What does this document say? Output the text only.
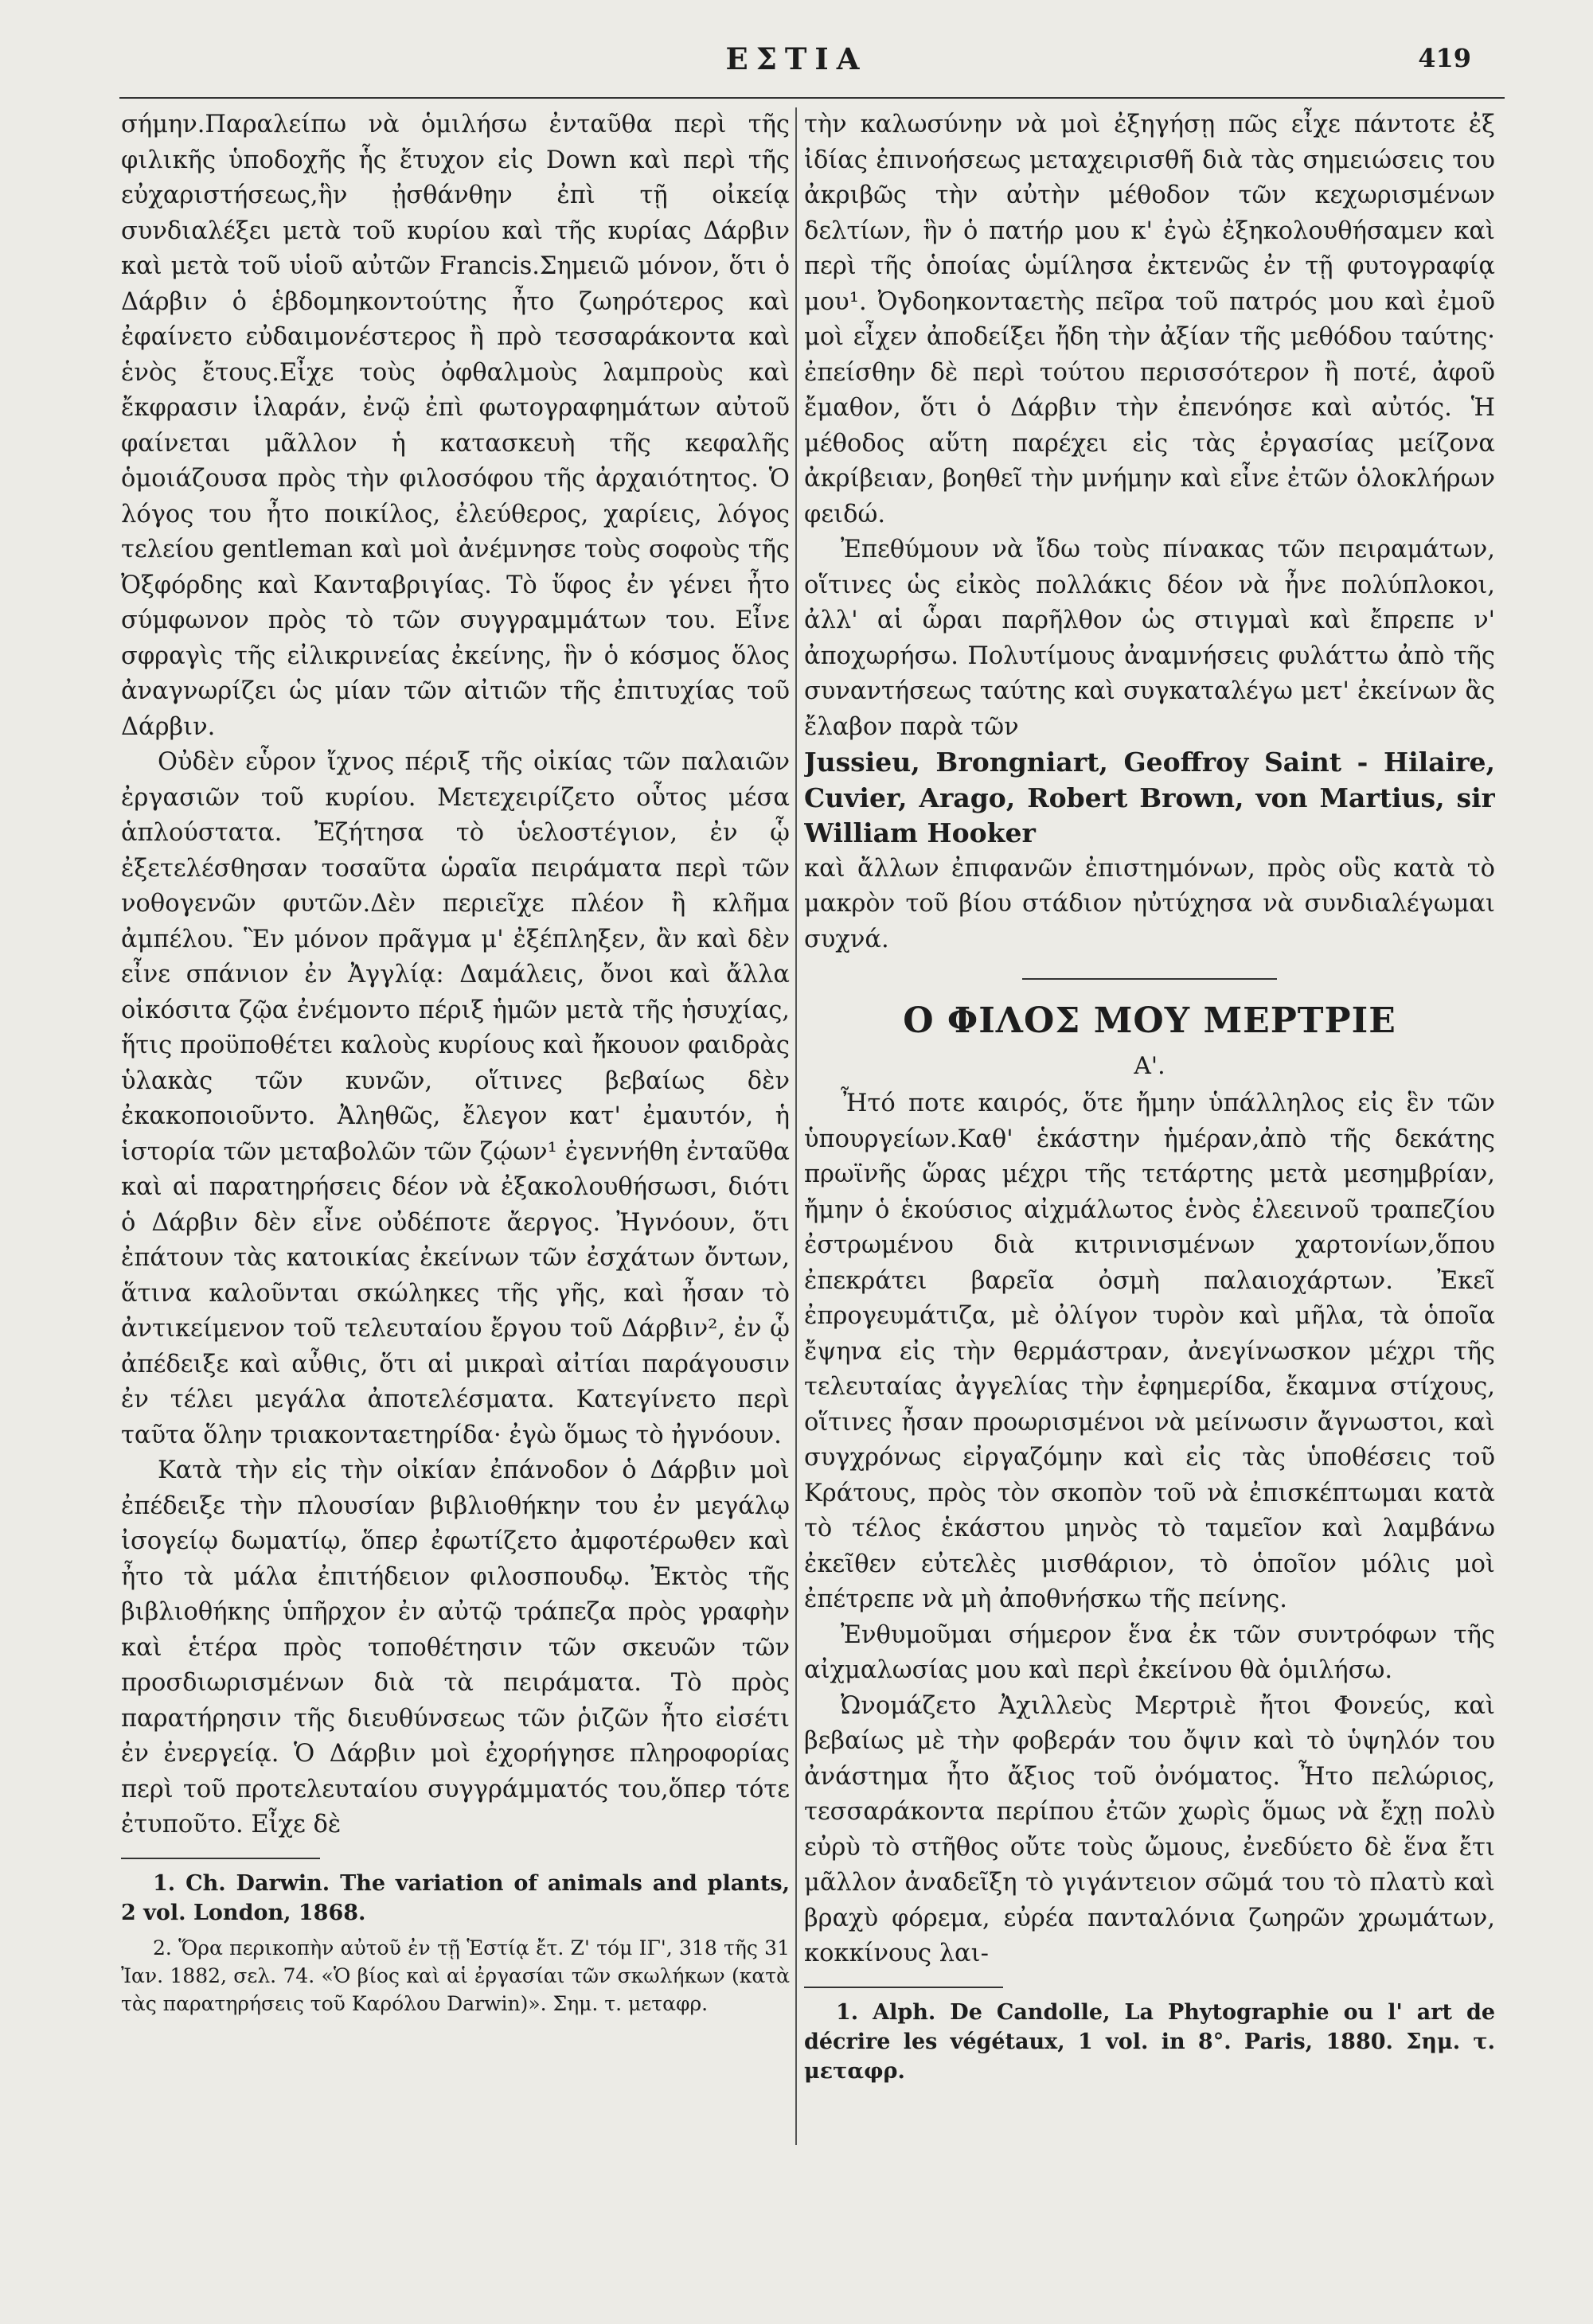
ΕΣΤΙΑ	419

σήμην.Παραλείπω νὰ ὁμιλήσω ἐνταῦθα περὶ τῆς φιλικῆς ὑποδοχῆς ἧς ἔτυχον εἰς Down καὶ περὶ τῆς εὐχαριστήσεως,ἣν ᾐσθάνθην ἐπὶ τῇ οἰκείᾳ συνδιαλέξει μετὰ τοῦ κυρίου καὶ τῆς κυρίας Δάρβιν καὶ μετὰ τοῦ υἱοῦ αὐτῶν Francis.Σημειῶ μόνον, ὅτι ὁ Δάρβιν ὁ ἑβδομηκοντούτης ἦτο ζωηρότερος καὶ ἐφαίνετο εὐδαιμονέστερος ἢ πρὸ τεσσαράκοντα καὶ ἑνὸς ἔτους.Εἶχε τοὺς ὀφθαλμοὺς λαμπροὺς καὶ ἔκφρασιν ἱλαράν, ἐνῷ ἐπὶ φωτογραφημάτων αὐτοῦ φαίνεται μᾶλλον ἡ κατασκευὴ τῆς κεφαλῆς ὁμοιάζουσα πρὸς τὴν φιλοσόφου τῆς ἀρχαιότητος. Ὁ λόγος του ἦτο ποικίλος, ἐλεύθερος, χαρίεις, λόγος τελείου gentleman καὶ μοὶ ἀνέμνησε τοὺς σοφοὺς τῆς Ὀξφόρδης καὶ Κανταβριγίας. Τὸ ὕφος ἐν γένει ἦτο σύμφωνον πρὸς τὸ τῶν συγγραμμάτων του. Εἶνε σφραγὶς τῆς εἰλικρινείας ἐκείνης, ἣν ὁ κόσμος ὅλος ἀναγνωρίζει ὡς μίαν τῶν αἰτιῶν τῆς ἐπιτυχίας τοῦ Δάρβιν.

Οὐδὲν εὗρον ἴχνος πέριξ τῆς οἰκίας τῶν παλαιῶν ἐργασιῶν τοῦ κυρίου. Μετεχειρίζετο οὗτος μέσα ἁπλούστατα. Ἐζήτησα τὸ ὑελοστέγιον, ἐν ᾧ ἐξετελέσθησαν τοσαῦτα ὡραῖα πειράματα περὶ τῶν νοθογενῶν φυτῶν.Δὲν περιεῖχε πλέον ἢ κλῆμα ἀμπέλου. Ἓν μόνον πρᾶγμα μ' ἐξέπληξεν, ἂν καὶ δὲν εἶνε σπάνιον ἐν Ἀγγλίᾳ: Δαμάλεις, ὄνοι καὶ ἄλλα οἰκόσιτα ζῷα ἐνέμοντο πέριξ ἡμῶν μετὰ τῆς ἡσυχίας, ἥτις προϋποθέτει καλοὺς κυρίους καὶ ἤκουον φαιδρὰς ὑλακὰς τῶν κυνῶν, οἵτινες βεβαίως δὲν ἐκακοποιοῦντο. Ἀληθῶς, ἔλεγον κατ' ἐμαυτόν, ἡ ἱστορία τῶν μεταβολῶν τῶν ζῴων¹ ἐγεννήθη ἐνταῦθα καὶ αἱ παρατηρήσεις δέον νὰ ἐξακολουθήσωσι, διότι ὁ Δάρβιν δὲν εἶνε οὐδέποτε ἄεργος. Ἠγνόουν, ὅτι ἐπάτουν τὰς κατοικίας ἐκείνων τῶν ἐσχάτων ὄντων, ἅτινα καλοῦνται σκώληκες τῆς γῆς, καὶ ἦσαν τὸ ἀντικείμενον τοῦ τελευταίου ἔργου τοῦ Δάρβιν², ἐν ᾧ ἀπέδειξε καὶ αὖθις, ὅτι αἱ μικραὶ αἰτίαι παράγουσιν ἐν τέλει μεγάλα ἀποτελέσματα. Κατεγίνετο περὶ ταῦτα ὅλην τριακονταετηρίδα· ἐγὼ ὅμως τὸ ἠγνόουν.

Κατὰ τὴν εἰς τὴν οἰκίαν ἐπάνοδον ὁ Δάρβιν μοὶ ἐπέδειξε τὴν πλουσίαν βιβλιοθήκην του ἐν μεγάλῳ ἰσογείῳ δωματίῳ, ὅπερ ἐφωτίζετο ἀμφοτέρωθεν καὶ ἦτο τὰ μάλα ἐπιτήδειον φιλοσπουδῳ. Ἐκτὸς τῆς βιβλιοθήκης ὑπῆρχον ἐν αὐτῷ τράπεζα πρὸς γραφὴν καὶ ἑτέρα πρὸς τοποθέτησιν τῶν σκευῶν τῶν προσδιωρισμένων διὰ τὰ πειράματα. Τὸ πρὸς παρατήρησιν τῆς διευθύνσεως τῶν ῥιζῶν ἦτο εἰσέτι ἐν ἐνεργείᾳ. Ὁ Δάρβιν μοὶ ἐχορήγησε πληροφορίας περὶ τοῦ προτελευταίου συγγράμματός του,ὅπερ τότε ἐτυποῦτο. Εἶχε δὲ

1. Ch. Darwin. The variation of animals and plants, 2 vol. London, 1868.

2. Ὅρα περικοπὴν αὐτοῦ ἐν τῇ Ἑστίᾳ ἔτ. Ζ' τόμ ΙΓ', 318 τῆς 31 Ἰαν. 1882, σελ. 74. «Ὁ βίος καὶ αἱ ἐργασίαι τῶν σκωλήκων (κατὰ τὰς παρατηρήσεις τοῦ Καρόλου Darwin)». Σημ. τ. μεταφρ.

τὴν καλωσύνην νὰ μοὶ ἐξηγήσῃ πῶς εἶχε πάντοτε ἐξ ἰδίας ἐπινοήσεως μεταχειρισθῆ διὰ τὰς σημειώσεις του ἀκριβῶς τὴν αὐτὴν μέθοδον τῶν κεχωρισμένων δελτίων, ἣν ὁ πατήρ μου κ' ἐγὼ ἐξηκολουθήσαμεν καὶ περὶ τῆς ὁποίας ὡμίλησα ἐκτενῶς ἐν τῇ φυτογραφίᾳ μου¹. Ὀγδοηκονταετὴς πεῖρα τοῦ πατρός μου καὶ ἐμοῦ μοὶ εἶχεν ἀποδείξει ἤδη τὴν ἀξίαν τῆς μεθόδου ταύτης· ἐπείσθην δὲ περὶ τούτου περισσότερον ἢ ποτέ, ἀφοῦ ἔμαθον, ὅτι ὁ Δάρβιν τὴν ἐπενόησε καὶ αὐτός. Ἡ μέθοδος αὕτη παρέχει εἰς τὰς ἐργασίας μείζονα ἀκρίβειαν, βοηθεῖ τὴν μνήμην καὶ εἶνε ἐτῶν ὁλοκλήρων φειδώ.

Ἐπεθύμουν νὰ ἴδω τοὺς πίνακας τῶν πειραμάτων, οἵτινες ὡς εἰκὸς πολλάκις δέον νὰ ἦνε πολύπλοκοι, ἀλλ' αἱ ὧραι παρῆλθον ὡς στιγμαὶ καὶ ἔπρεπε ν' ἀποχωρήσω. Πολυτίμους ἀναμνήσεις φυλάττω ἀπὸ τῆς συναντήσεως ταύτης καὶ συγκαταλέγω μετ' ἐκείνων ἃς ἔλαβον παρὰ τῶν

Jussieu, Brongniart, Geoffroy Saint - Hilaire, Cuvier, Arago, Robert Brown, von Martius, sir William Hooker

καὶ ἄλλων ἐπιφανῶν ἐπιστημόνων, πρὸς οὓς κατὰ τὸ μακρὸν τοῦ βίου στάδιον ηὐτύχησα νὰ συνδιαλέγωμαι συχνά.

Ο ΦΙΛΟΣ ΜΟΥ ΜΕΡΤΡΙΕ
Α'.

Ἦτό ποτε καιρός, ὅτε ἤμην ὑπάλληλος εἰς ἓν τῶν ὑπουργείων.Καθ' ἑκάστην ἡμέραν,ἀπὸ τῆς δεκάτης πρωϊνῆς ὥρας μέχρι τῆς τετάρτης μετὰ μεσημβρίαν, ἤμην ὁ ἑκούσιος αἰχμάλωτος ἑνὸς ἐλεεινοῦ τραπεζίου ἐστρωμένου διὰ κιτρινισμένων χαρτονίων,ὅπου ἐπεκράτει βαρεῖα ὀσμὴ παλαιοχάρτων. Ἐκεῖ ἐπρογευμάτιζα, μὲ ὀλίγον τυρὸν καὶ μῆλα, τὰ ὁποῖα ἔψηνα εἰς τὴν θερμάστραν, ἀνεγίνωσκον μέχρι τῆς τελευταίας ἀγγελίας τὴν ἐφημερίδα, ἔκαμνα στίχους, οἵτινες ἦσαν προωρισμένοι νὰ μείνωσιν ἄγνωστοι, καὶ συγχρόνως εἰργαζόμην καὶ εἰς τὰς ὑποθέσεις τοῦ Κράτους, πρὸς τὸν σκοπὸν τοῦ νὰ ἐπισκέπτωμαι κατὰ τὸ τέλος ἑκάστου μηνὸς τὸ ταμεῖον καὶ λαμβάνω ἐκεῖθεν εὐτελὲς μισθάριον, τὸ ὁποῖον μόλις μοὶ ἐπέτρεπε νὰ μὴ ἀποθνήσκω τῆς πείνης.

Ἐνθυμοῦμαι σήμερον ἕνα ἐκ τῶν συντρόφων τῆς αἰχμαλωσίας μου καὶ περὶ ἐκείνου θὰ ὁμιλήσω.

Ὠνομάζετο Ἀχιλλεὺς Μερτριὲ ἤτοι Φονεύς, καὶ βεβαίως μὲ τὴν φοβεράν του ὄψιν καὶ τὸ ὑψηλόν του ἀνάστημα ἦτο ἄξιος τοῦ ὀνόματος. Ἦτο πελώριος, τεσσαράκοντα περίπου ἐτῶν χωρὶς ὅμως νὰ ἔχῃ πολὺ εὐρὺ τὸ στῆθος οὔτε τοὺς ὤμους, ἐνεδύετο δὲ ἕνα ἔτι μᾶλλον ἀναδεῖξη τὸ γιγάντειον σῶμά του τὸ πλατὺ καὶ βραχὺ φόρεμα, εὐρέα πανταλόνια ζωηρῶν χρωμάτων, κοκκίνους λαι-

1. Alph. De Candolle, La Phytographie ou l' art de décrire les végétaux, 1 vol. in 8°. Paris, 1880. Σημ. τ. μεταφρ.
